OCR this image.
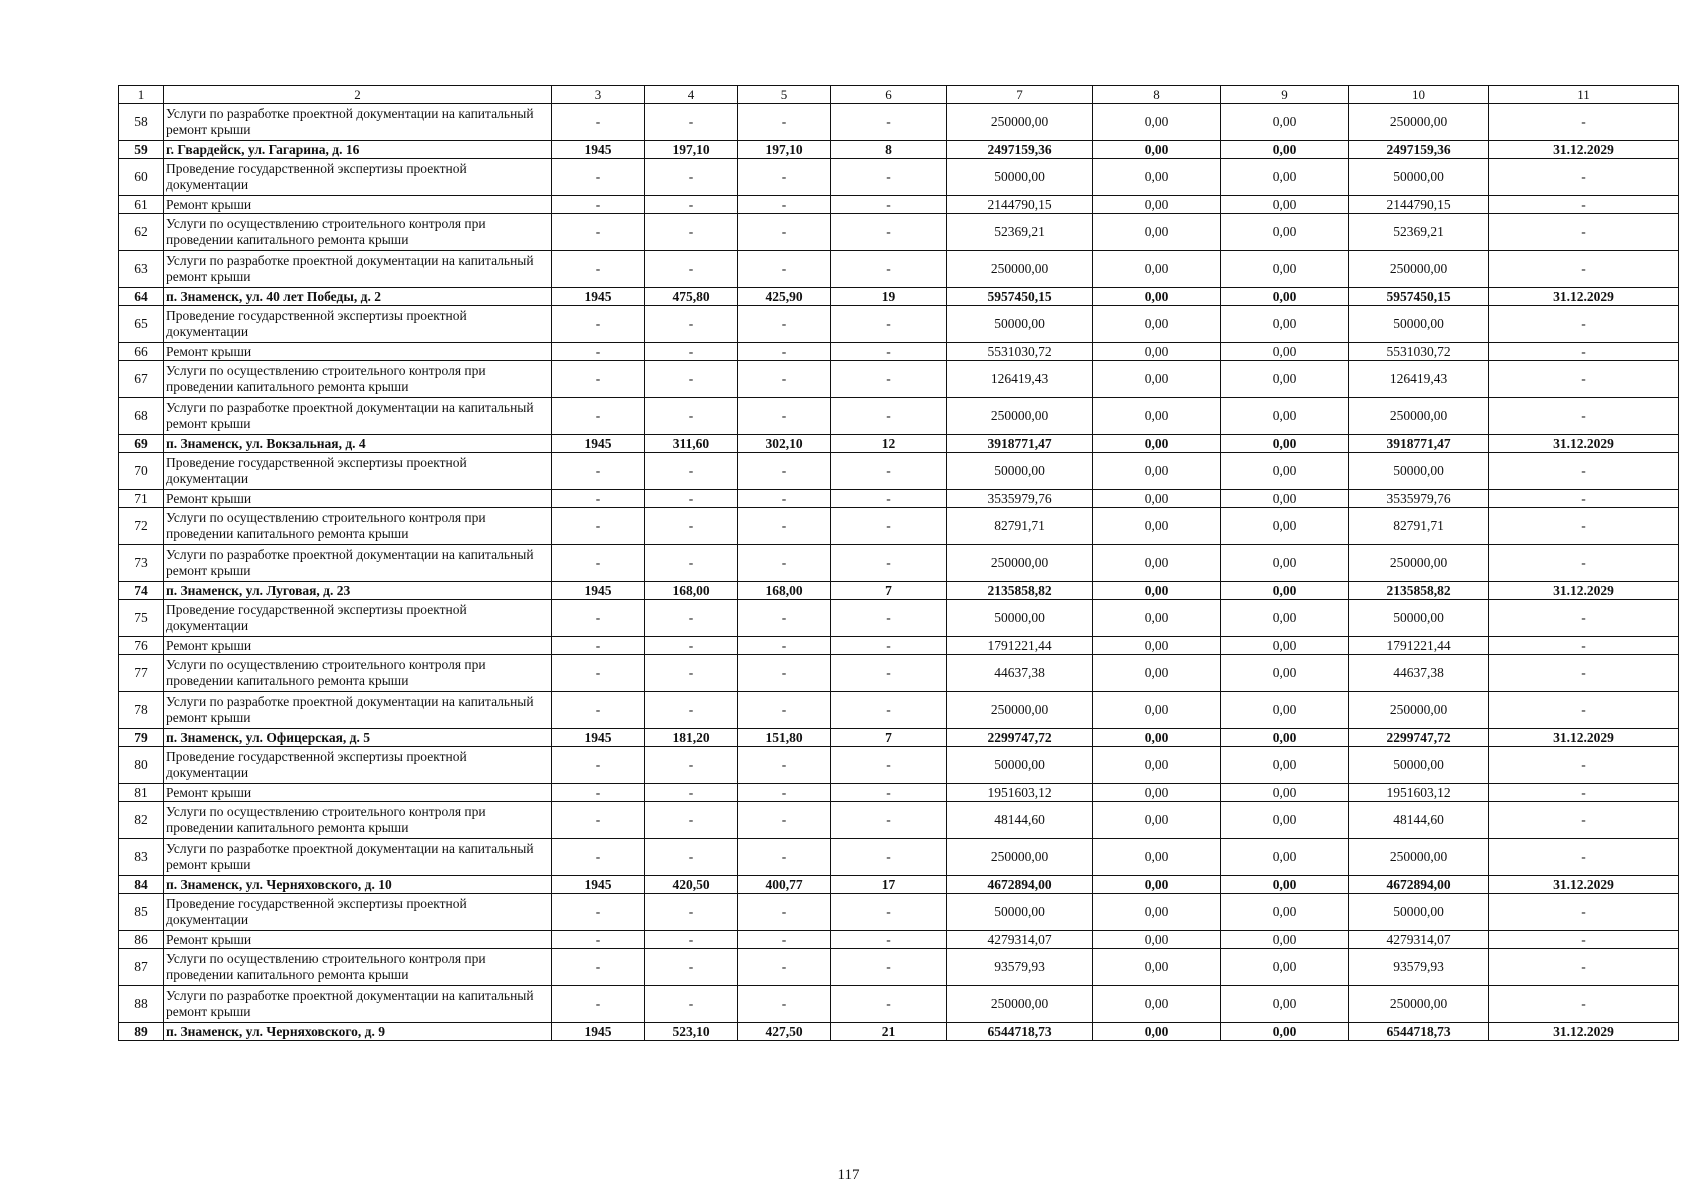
1	2	3	4	5	6	7	8	9	10	11
58	Услуги по разработке проектной документации на капитальный ремонт крыши	-	-	-	-	250000,00	0,00	0,00	250000,00	-
59	г. Гвардейск, ул. Гагарина, д. 16	1945	197,10	197,10	8	2497159,36	0,00	0,00	2497159,36	31.12.2029
60	Проведение государственной экспертизы проектной документации	-	-	-	-	50000,00	0,00	0,00	50000,00	-
61	Ремонт крыши	-	-	-	-	2144790,15	0,00	0,00	2144790,15	-
62	Услуги по осуществлению строительного контроля при проведении капитального ремонта крыши	-	-	-	-	52369,21	0,00	0,00	52369,21	-
63	Услуги по разработке проектной документации на капитальный ремонт крыши	-	-	-	-	250000,00	0,00	0,00	250000,00	-
64	п. Знаменск, ул. 40 лет Победы, д. 2	1945	475,80	425,90	19	5957450,15	0,00	0,00	5957450,15	31.12.2029
65	Проведение государственной экспертизы проектной документации	-	-	-	-	50000,00	0,00	0,00	50000,00	-
66	Ремонт крыши	-	-	-	-	5531030,72	0,00	0,00	5531030,72	-
67	Услуги по осуществлению строительного контроля при проведении капитального ремонта крыши	-	-	-	-	126419,43	0,00	0,00	126419,43	-
68	Услуги по разработке проектной документации на капитальный ремонт крыши	-	-	-	-	250000,00	0,00	0,00	250000,00	-
69	п. Знаменск, ул. Вокзальная, д. 4	1945	311,60	302,10	12	3918771,47	0,00	0,00	3918771,47	31.12.2029
70	Проведение государственной экспертизы проектной документации	-	-	-	-	50000,00	0,00	0,00	50000,00	-
71	Ремонт крыши	-	-	-	-	3535979,76	0,00	0,00	3535979,76	-
72	Услуги по осуществлению строительного контроля при проведении капитального ремонта крыши	-	-	-	-	82791,71	0,00	0,00	82791,71	-
73	Услуги по разработке проектной документации на капитальный ремонт крыши	-	-	-	-	250000,00	0,00	0,00	250000,00	-
74	п. Знаменск, ул. Луговая, д. 23	1945	168,00	168,00	7	2135858,82	0,00	0,00	2135858,82	31.12.2029
75	Проведение государственной экспертизы проектной документации	-	-	-	-	50000,00	0,00	0,00	50000,00	-
76	Ремонт крыши	-	-	-	-	1791221,44	0,00	0,00	1791221,44	-
77	Услуги по осуществлению строительного контроля при проведении капитального ремонта крыши	-	-	-	-	44637,38	0,00	0,00	44637,38	-
78	Услуги по разработке проектной документации на капитальный ремонт крыши	-	-	-	-	250000,00	0,00	0,00	250000,00	-
79	п. Знаменск, ул. Офицерская, д. 5	1945	181,20	151,80	7	2299747,72	0,00	0,00	2299747,72	31.12.2029
80	Проведение государственной экспертизы проектной документации	-	-	-	-	50000,00	0,00	0,00	50000,00	-
81	Ремонт крыши	-	-	-	-	1951603,12	0,00	0,00	1951603,12	-
82	Услуги по осуществлению строительного контроля при проведении капитального ремонта крыши	-	-	-	-	48144,60	0,00	0,00	48144,60	-
83	Услуги по разработке проектной документации на капитальный ремонт крыши	-	-	-	-	250000,00	0,00	0,00	250000,00	-
84	п. Знаменск, ул. Черняховского, д. 10	1945	420,50	400,77	17	4672894,00	0,00	0,00	4672894,00	31.12.2029
85	Проведение государственной экспертизы проектной документации	-	-	-	-	50000,00	0,00	0,00	50000,00	-
86	Ремонт крыши	-	-	-	-	4279314,07	0,00	0,00	4279314,07	-
87	Услуги по осуществлению строительного контроля при проведении капитального ремонта крыши	-	-	-	-	93579,93	0,00	0,00	93579,93	-
88	Услуги по разработке проектной документации на капитальный ремонт крыши	-	-	-	-	250000,00	0,00	0,00	250000,00	-
89	п. Знаменск, ул. Черняховского, д. 9	1945	523,10	427,50	21	6544718,73	0,00	0,00	6544718,73	31.12.2029
117
